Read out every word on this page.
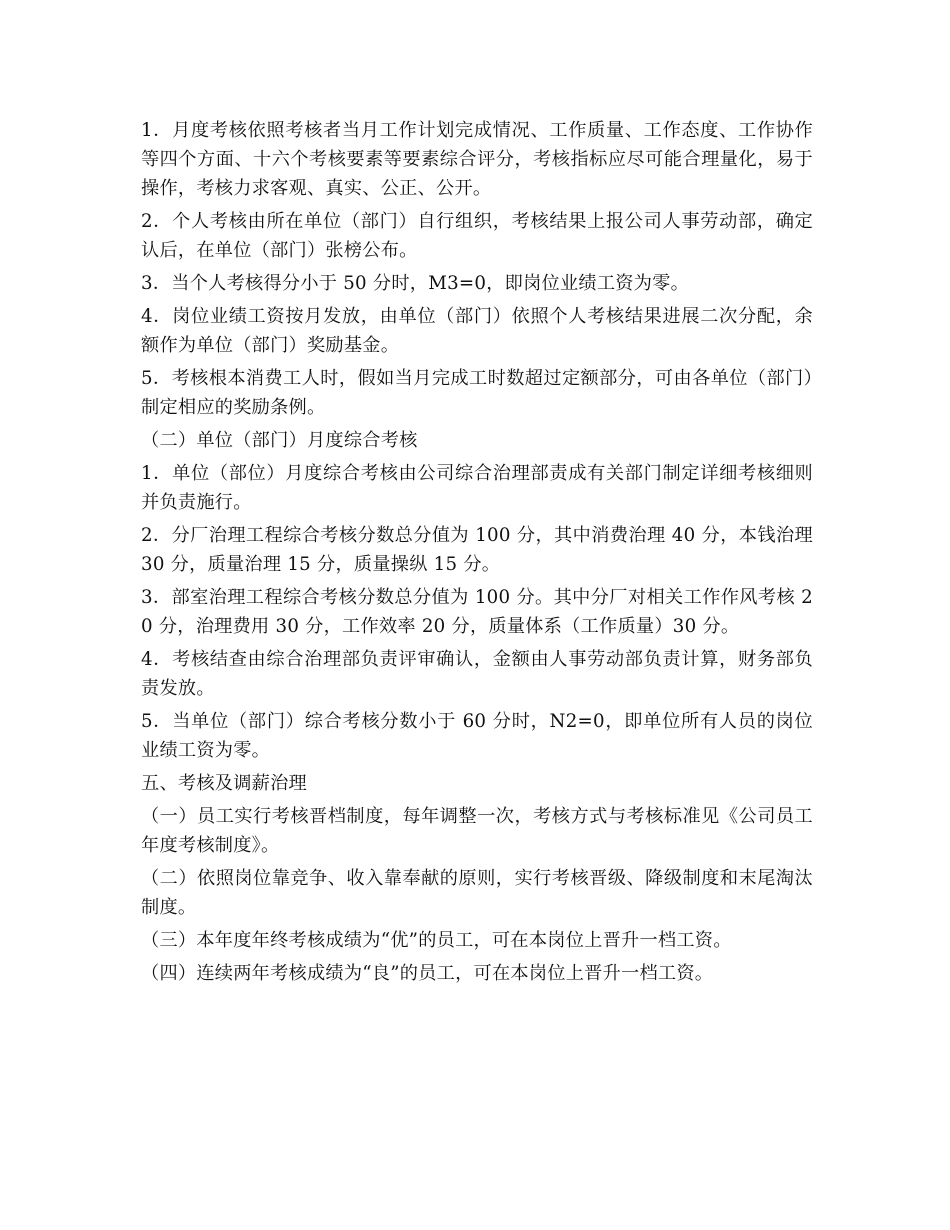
1．月度考核依照考核者当月工作计划完成情况、工作质量、工作态度、工作协作等四个方面、十六个考核要素等要素综合评分，考核指标应尽可能合理量化，易于操作，考核力求客观、真实、公正、公开。

2．个人考核由所在单位（部门）自行组织，考核结果上报公司人事劳动部，确定认后，在单位（部门）张榜公布。

3．当个人考核得分小于 50 分时，M3=0，即岗位业绩工资为零。

4．岗位业绩工资按月发放，由单位（部门）依照个人考核结果进展二次分配，余额作为单位（部门）奖励基金。

5．考核根本消费工人时，假如当月完成工时数超过定额部分，可由各单位（部门）制定相应的奖励条例。

（二）单位（部门）月度综合考核

1．单位（部位）月度综合考核由公司综合治理部责成有关部门制定详细考核细则并负责施行。

2．分厂治理工程综合考核分数总分值为 100 分，其中消费治理 40 分，本钱治理 30 分，质量治理 15 分，质量操纵 15 分。

3．部室治理工程综合考核分数总分值为 100 分。其中分厂对相关工作作风考核 20 分，治理费用 30 分，工作效率 20 分，质量体系（工作质量）30 分。

4．考核结查由综合治理部负责评审确认，金额由人事劳动部负责计算，财务部负责发放。

5．当单位（部门）综合考核分数小于 60 分时，N2=0，即单位所有人员的岗位业绩工资为零。

五、考核及调薪治理

（一）员工实行考核晋档制度，每年调整一次，考核方式与考核标准见《公司员工年度考核制度》。

（二）依照岗位靠竞争、收入靠奉献的原则，实行考核晋级、降级制度和末尾淘汰制度。

（三）本年度年终考核成绩为“优”的员工，可在本岗位上晋升一档工资。

（四）连续两年考核成绩为“良”的员工，可在本岗位上晋升一档工资。
